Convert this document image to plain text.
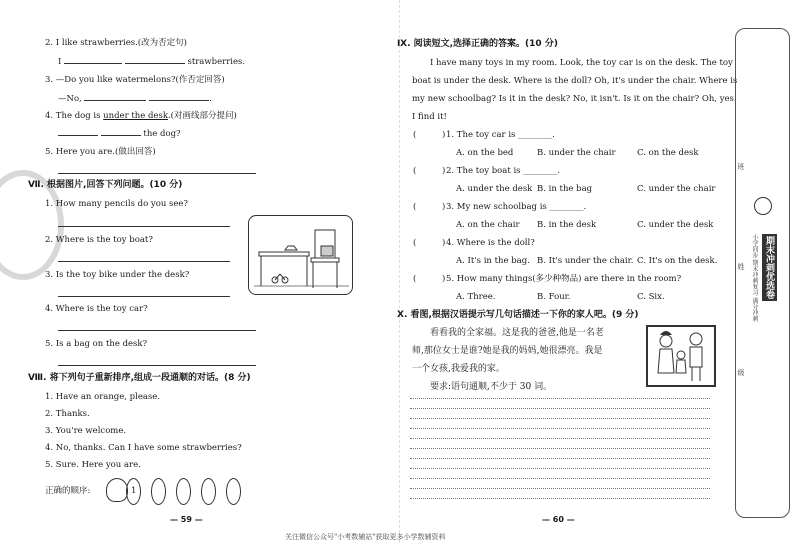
2. I like strawberries.(改为否定句)
I	strawberries.
3. —Do you like watermelons?(作否定回答)
—No,	.
4. The dog is under the desk.(对画线部分提问)
the dog?
5. Here you are.(做出回答)
Ⅶ. 根据图片,回答下列问题。(10 分)
1. How many pencils do you see?
2. Where is the toy boat?
3. Is the toy bike under the desk?
4. Where is the toy car?
5. Is a bag on the desk?
Ⅷ. 将下列句子重新排序,组成一段通顺的对话。(8 分)
1. Have an orange, please.
2. Thanks.
3. You're welcome.
4. No, thanks. Can I have some strawberries?
5. Sure. Here you are.
正确的顺序:	1
— 59 —
Ⅸ. 阅读短文,选择正确的答案。(10 分)
I have many toys in my room. Look, the toy car is on the desk. The toy
boat is under the desk. Where is the doll? Oh, it's under the chair. Where is
my new schoolbag? Is it in the desk? No, it isn't. Is it on the chair? Oh, yes.
I find it!
(	) 1. The toy car is ________.
A. on the bed	B. under the chair	C. on the desk
(	) 2. The toy boat is ________.
A. under the desk B. in the bag	C. under the chair
(	) 3. My new schoolbag is ________.
A. on the chair B. in the desk	C. under the desk
(	) 4. Where is the doll?
A. It's in the bag. B. It's under the chair. C. It's on the desk.
(	) 5. How many things(多少种物品) are there in the room?
A. Three.	B. Four.	C. Six.
Ⅹ. 看图,根据汉语提示写几句话描述一下你的家人吧。(9 分)
看看我的全家福。这是我的爸爸,他是一名老
师,那位女士是谁?她是我的妈妈,她很漂亮。我是
一个女孩,我爱我的家。
要求:语句通顺,不少于 30 词。
— 60 —
关注微信公众号"小考数辅站"获取更多小学数辅资料
期末冲刺优选卷
小学同步 期末冲刺复习 满分冲刺
班
姓
级
